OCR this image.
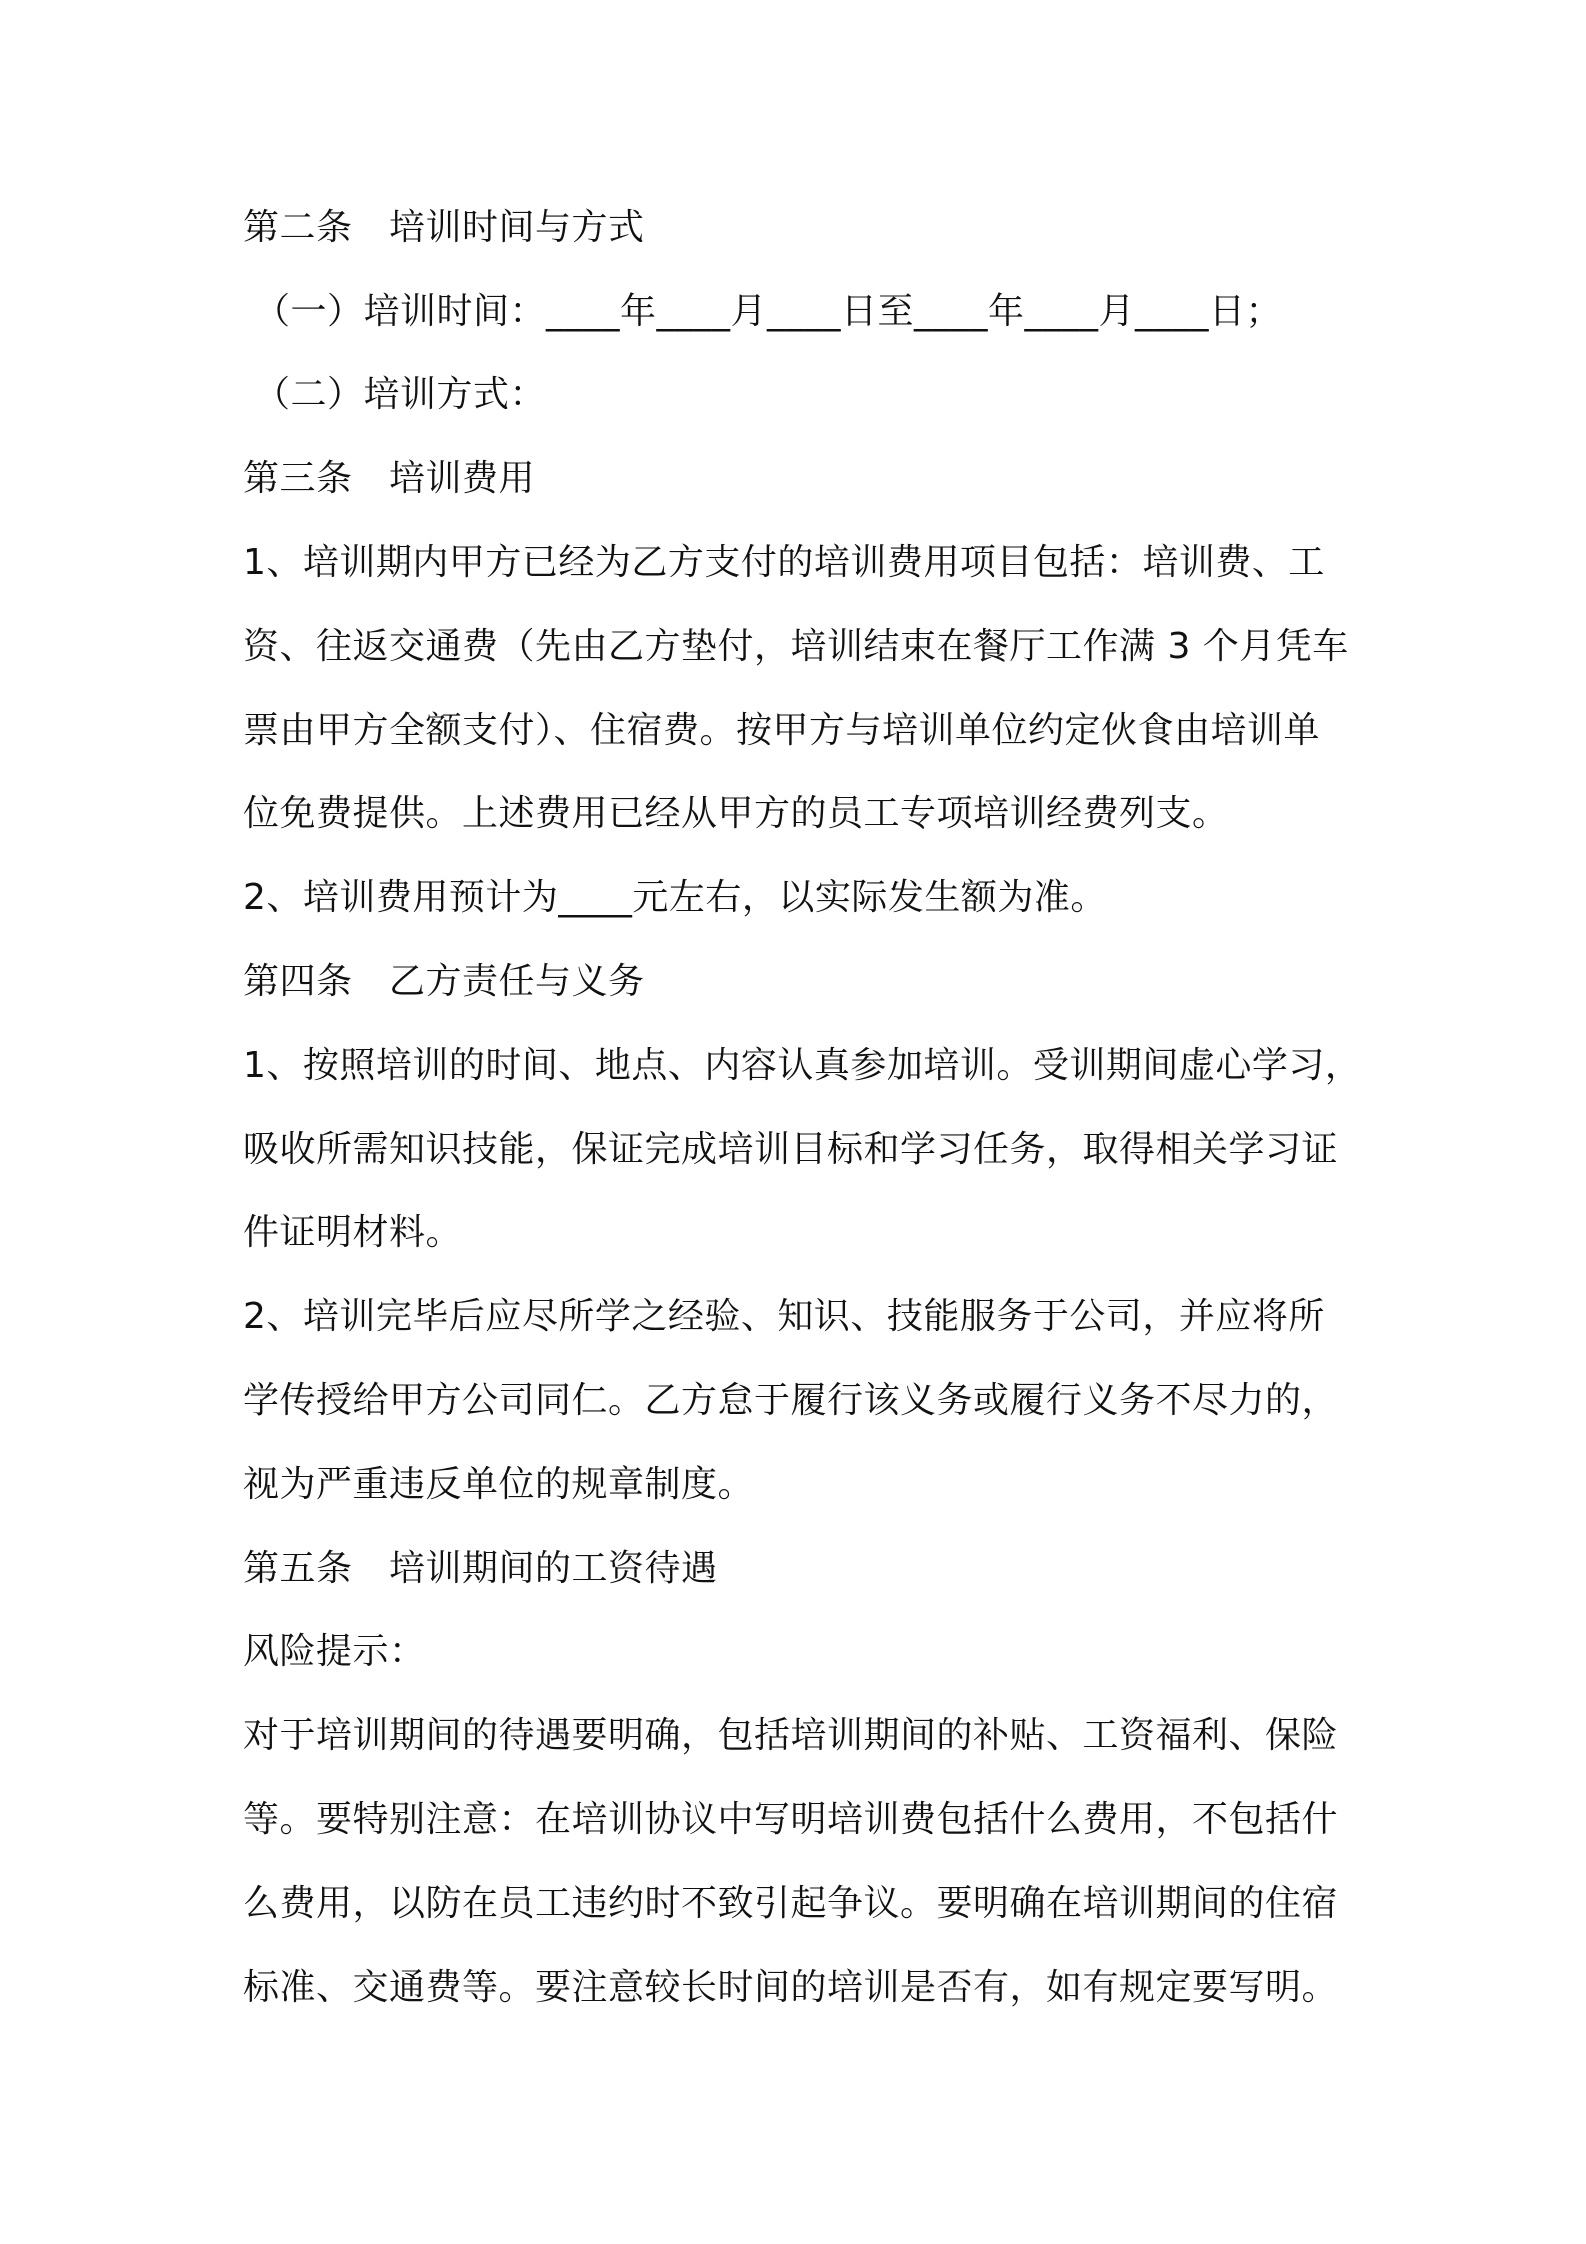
第二条　培训时间与方式
（一）培训时间：____年____月____日至____年____月____日；
（二）培训方式：
第三条　培训费用
1、培训期内甲方已经为乙方支付的培训费用项目包括：培训费、工
资、往返交通费（先由乙方垫付，培训结束在餐厅工作满 3 个月凭车
票由甲方全额支付）、住宿费。按甲方与培训单位约定伙食由培训单
位免费提供。上述费用已经从甲方的员工专项培训经费列支。
2、培训费用预计为____元左右，以实际发生额为准。
第四条　乙方责任与义务
1、按照培训的时间、地点、内容认真参加培训。受训期间虚心学习，
吸收所需知识技能，保证完成培训目标和学习任务，取得相关学习证
件证明材料。
2、培训完毕后应尽所学之经验、知识、技能服务于公司，并应将所
学传授给甲方公司同仁。乙方怠于履行该义务或履行义务不尽力的，
视为严重违反单位的规章制度。
第五条　培训期间的工资待遇
风险提示：
对于培训期间的待遇要明确，包括培训期间的补贴、工资福利、保险
等。要特别注意：在培训协议中写明培训费包括什么费用，不包括什
么费用，以防在员工违约时不致引起争议。要明确在培训期间的住宿
标准、交通费等。要注意较长时间的培训是否有，如有规定要写明。
